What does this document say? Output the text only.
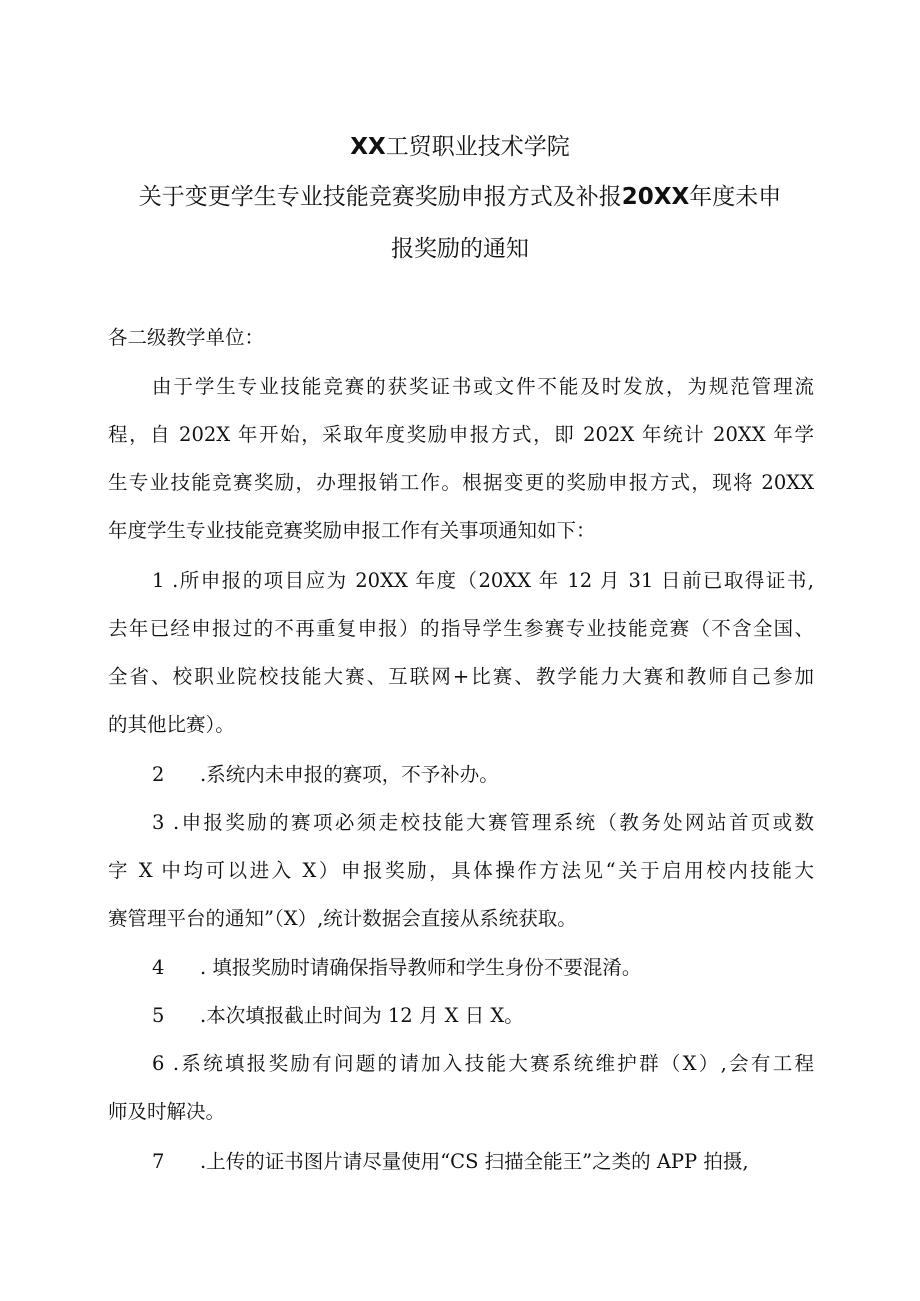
XX工贸职业技术学院
关于变更学生专业技能竞赛奖励申报方式及补报20XX年度未申
报奖励的通知
各二级教学单位：
由于学生专业技能竞赛的获奖证书或文件不能及时发放，为规范管理流
程，自 202X 年开始，采取年度奖励申报方式，即 202X 年统计 20XX 年学
生专业技能竞赛奖励，办理报销工作。根据变更的奖励申报方式，现将 20XX
年度学生专业技能竞赛奖励申报工作有关事项通知如下：
1 .所申报的项目应为 20XX 年度（20XX 年 12 月 31 日前已取得证书,
去年已经申报过的不再重复申报）的指导学生参赛专业技能竞赛（不含全国、
全省、校职业院校技能大赛、互联网+比赛、教学能力大赛和教师自己参加
的其他比赛）。
2 .系统内未申报的赛项，不予补办。
3 .申报奖励的赛项必须走校技能大赛管理系统（教务处网站首页或数
字 X 中均可以进入 X）申报奖励，具体操作方法见“关于启用校内技能大
赛管理平台的通知”（X）,统计数据会直接从系统获取。
4 . 填报奖励时请确保指导教师和学生身份不要混淆。
5 .本次填报截止时间为 12 月 X 日 X。
6 .系统填报奖励有问题的请加入技能大赛系统维护群（X）,会有工程
师及时解决。
7 .上传的证书图片请尽量使用“CS 扫描全能王”之类的 APP 拍摄,
